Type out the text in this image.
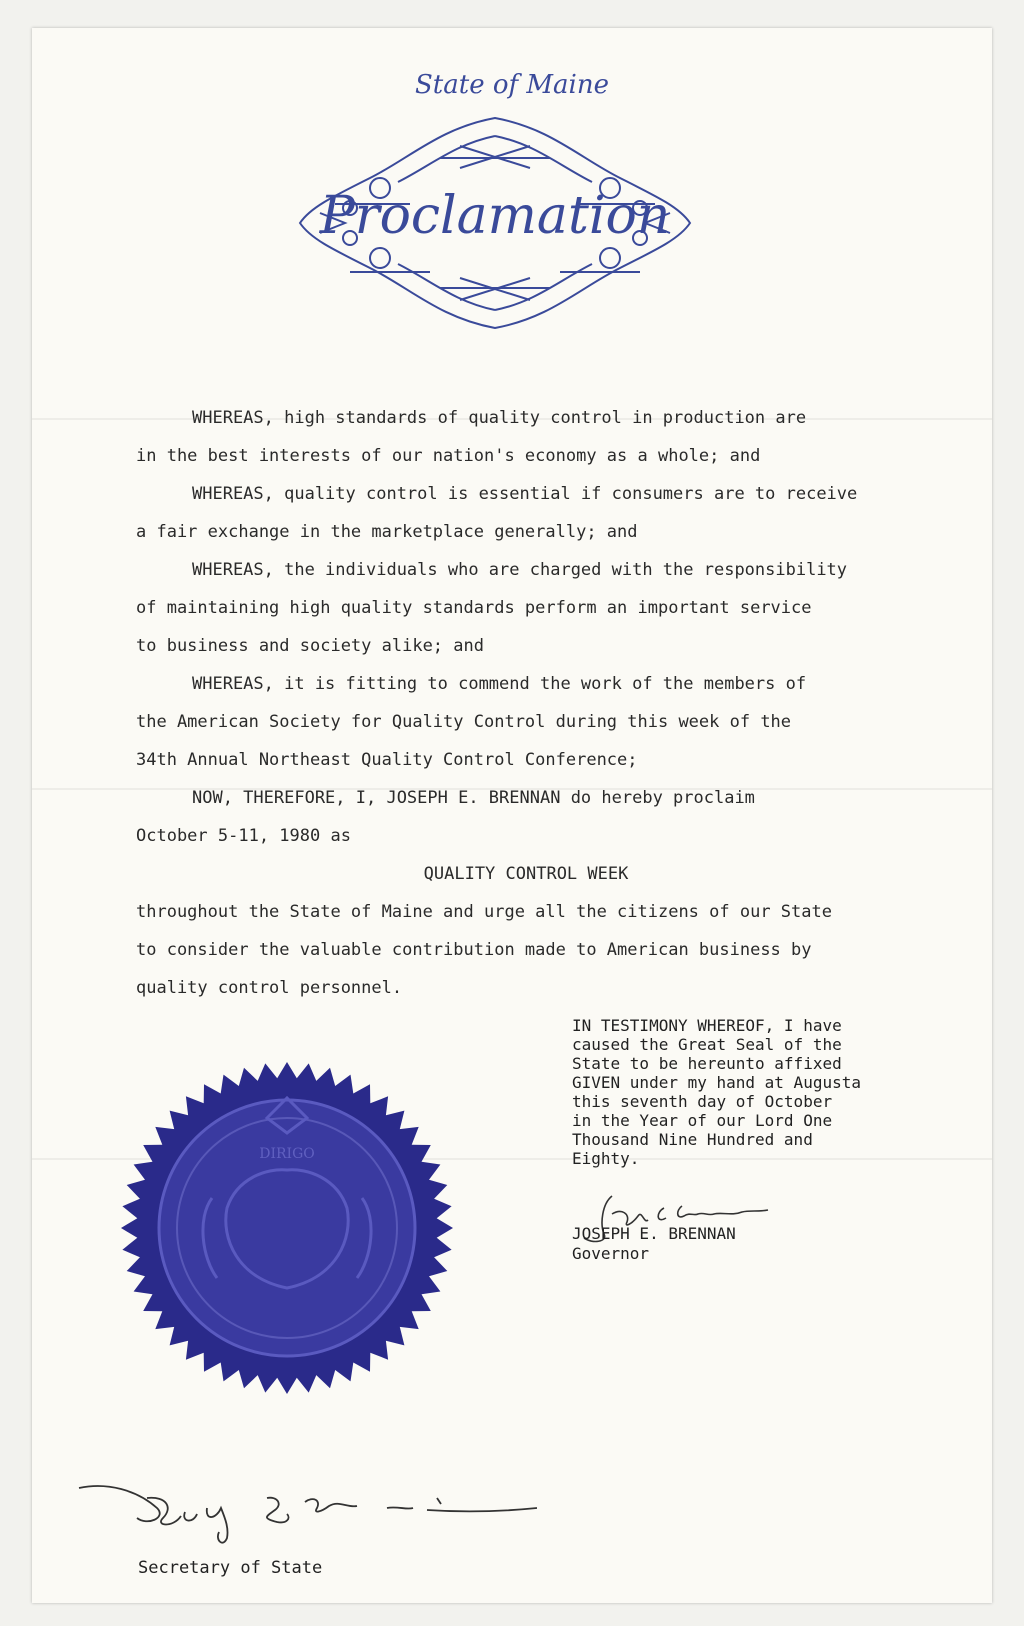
State of Maine
Proclamation

WHEREAS, high standards of quality control in production are

in the best interests of our nation's economy as a whole; and

WHEREAS, quality control is essential if consumers are to receive

a fair exchange in the marketplace generally; and

WHEREAS, the individuals who are charged with the responsibility

of maintaining high quality standards perform an important service

to business and society alike; and

WHEREAS, it is fitting to commend the work of the members of

the American Society for Quality Control during this week of the

34th Annual Northeast Quality Control Conference;

NOW, THEREFORE, I, JOSEPH E. BRENNAN do hereby proclaim

October 5-11, 1980 as

QUALITY CONTROL WEEK

throughout the State of Maine and urge all the citizens of our State

to consider the valuable contribution made to American business by

quality control personnel.

IN TESTIMONY WHEREOF, I have
caused the Great Seal of the
State to be hereunto affixed
GIVEN under my hand at Augusta
this seventh day of October
in the Year of our Lord One
Thousand Nine Hundred and
Eighty.
JOSEPH E. BRENNAN
Governor
DIRIGO
Secretary of State
